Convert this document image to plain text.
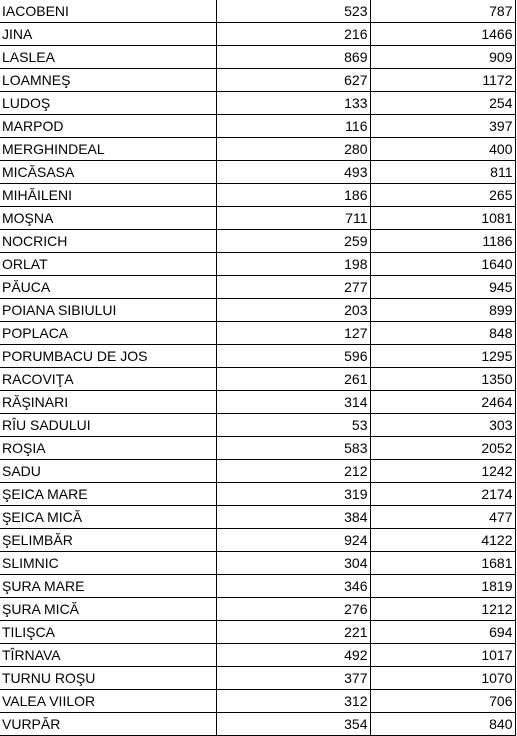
IACOBENI	523	787
JINA	216	1466
LASLEA	869	909
LOAMNEŞ	627	1172
LUDOŞ	133	254
MARPOD	116	397
MERGHINDEAL	280	400
MICĂSASA	493	811
MIHĂILENI	186	265
MOŞNA	711	1081
NOCRICH	259	1186
ORLAT	198	1640
PĂUCA	277	945
POIANA SIBIULUI	203	899
POPLACA	127	848
PORUMBACU DE JOS	596	1295
RACOVIŢA	261	1350
RĂŞINARI	314	2464
RÎU SADULUI	53	303
ROŞIA	583	2052
SADU	212	1242
ŞEICA MARE	319	2174
ŞEICA MICĂ	384	477
ŞELIMBĂR	924	4122
SLIMNIC	304	1681
ŞURA MARE	346	1819
ŞURA MICĂ	276	1212
TILIŞCA	221	694
TÎRNAVA	492	1017
TURNU ROŞU	377	1070
VALEA VIILOR	312	706
VURPĂR	354	840
